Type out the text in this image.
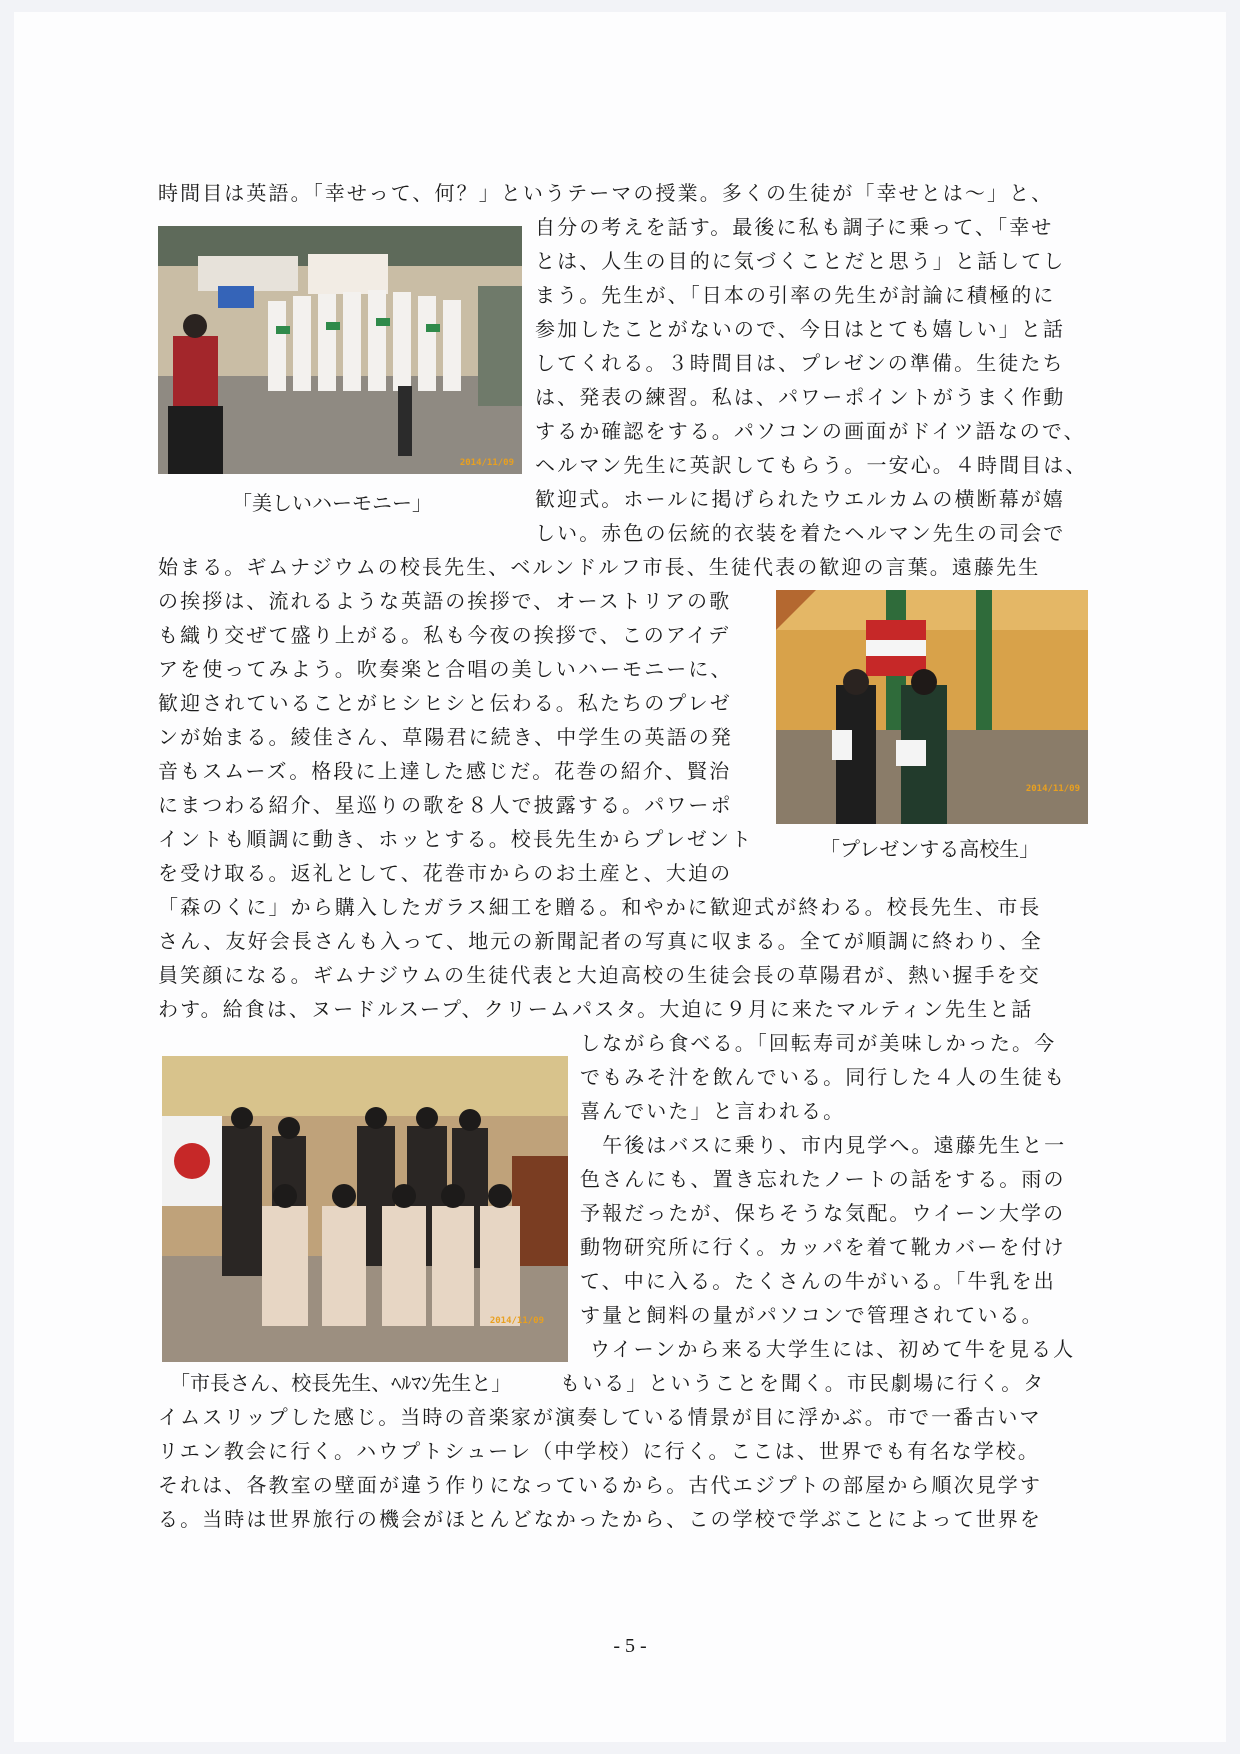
時間目は英語。「幸せって、何？」というテーマの授業。多くの生徒が「幸せとは〜」と、
自分の考えを話す。最後に私も調子に乗って、「幸せ
とは、人生の目的に気づくことだと思う」と話してし
まう。先生が、「日本の引率の先生が討論に積極的に
参加したことがないので、今日はとても嬉しい」と話
してくれる。３時間目は、プレゼンの準備。生徒たち
は、発表の練習。私は、パワーポイントがうまく作動
するか確認をする。パソコンの画面がドイツ語なので、
ヘルマン先生に英訳してもらう。一安心。４時間目は、
歓迎式。ホールに掲げられたウエルカムの横断幕が嬉
しい。赤色の伝統的衣装を着たヘルマン先生の司会で
始まる。ギムナジウムの校長先生、ベルンドルフ市長、生徒代表の歓迎の言葉。遠藤先生
の挨拶は、流れるような英語の挨拶で、オーストリアの歌
も織り交ぜて盛り上がる。私も今夜の挨拶で、このアイデ
アを使ってみよう。吹奏楽と合唱の美しいハーモニーに、
歓迎されていることがヒシヒシと伝わる。私たちのプレゼ
ンが始まる。綾佳さん、草陽君に続き、中学生の英語の発
音もスムーズ。格段に上達した感じだ。花巻の紹介、賢治
にまつわる紹介、星巡りの歌を８人で披露する。パワーポ
イントも順調に動き、ホッとする。校長先生からプレゼント
を受け取る。返礼として、花巻市からのお土産と、大迫の
「森のくに」から購入したガラス細工を贈る。和やかに歓迎式が終わる。校長先生、市長
さん、友好会長さんも入って、地元の新聞記者の写真に収まる。全てが順調に終わり、全
員笑顔になる。ギムナジウムの生徒代表と大迫高校の生徒会長の草陽君が、熱い握手を交
わす。給食は、ヌードルスープ、クリームパスタ。大迫に９月に来たマルティン先生と話
しながら食べる。「回転寿司が美味しかった。今
でもみそ汁を飲んでいる。同行した４人の生徒も
喜んでいた」と言われる。
　午後はバスに乗り、市内見学へ。遠藤先生と一
色さんにも、置き忘れたノートの話をする。雨の
予報だったが、保ちそうな気配。ウイーン大学の
動物研究所に行く。カッパを着て靴カバーを付け
て、中に入る。たくさんの牛がいる。「牛乳を出
す量と飼料の量がパソコンで管理されている。
ウイーンから来る大学生には、初めて牛を見る人
もいる」ということを聞く。市民劇場に行く。タ
イムスリップした感じ。当時の音楽家が演奏している情景が目に浮かぶ。市で一番古いマ
リエン教会に行く。ハウプトシューレ（中学校）に行く。ここは、世界でも有名な学校。
それは、各教室の壁面が違う作りになっているから。古代エジプトの部屋から順次見学す
る。当時は世界旅行の機会がほとんどなかったから、この学校で学ぶことによって世界を
2014/11/09
「美しいハーモニー」
2014/11/09
「プレゼンする高校生」
2014/11/09
「市長さん、校長先生、ﾍﾙﾏﾝ先生と」
- 5 -
